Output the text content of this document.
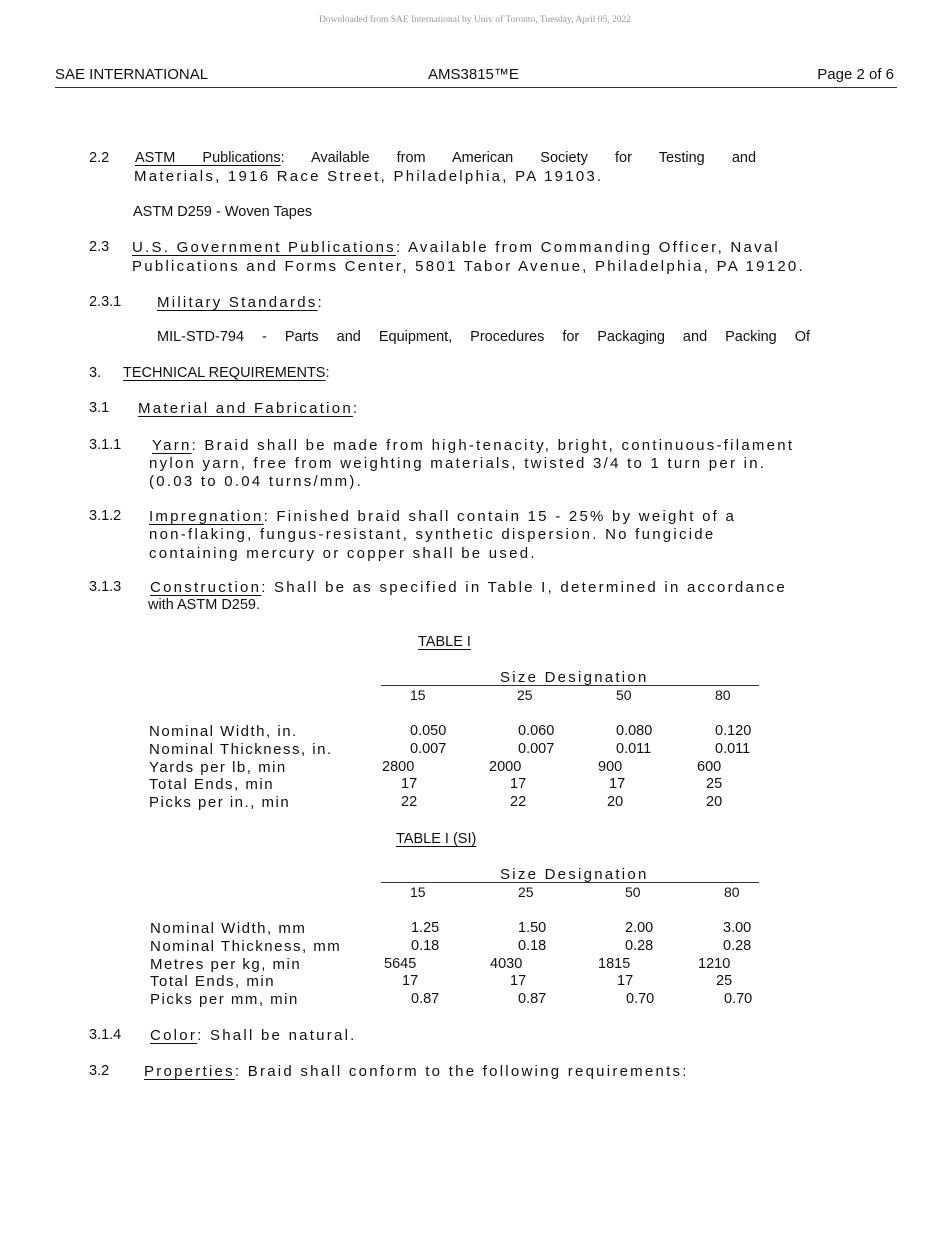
Downloaded from SAE International by Univ of Toronto, Tuesday, April 05, 2022
SAE INTERNATIONAL	AMS3815™E	Page 2 of 6
2.2 ASTM Publications: Available from American Society for Testing and
Materials, 1916 Race Street, Philadelphia, PA 19103.
ASTM D259 - Woven Tapes
2.3 U.S. Government Publications: Available from Commanding Officer, Naval
Publications and Forms Center, 5801 Tabor Avenue, Philadelphia, PA 19120.
2.3.1 Military Standards:
MIL-STD-794 - Parts and Equipment, Procedures for Packaging and Packing Of
3. TECHNICAL REQUIREMENTS:
3.1 Material and Fabrication:
3.1.1 Yarn: Braid shall be made from high-tenacity, bright, continuous-filament
nylon yarn, free from weighting materials, twisted 3/4 to 1 turn per in.
(0.03 to 0.04 turns/mm).
3.1.2 Impregnation: Finished braid shall contain 15 - 25% by weight of a
non-flaking, fungus-resistant, synthetic dispersion. No fungicide
containing mercury or copper shall be used.
3.1.3 Construction: Shall be as specified in Table I, determined in accordance
with ASTM D259.
TABLE I
Size Designation
15	25	50	80
Nominal Width, in.	0.050	0.060	0.080	0.120
Nominal Thickness, in.	0.007	0.007	0.011	0.011
Yards per lb, min	2800	2000	900	600
Total Ends, min	17	17	17	25
Picks per in., min	22	22	20	20
TABLE I (SI)
Size Designation
15	25	50	80
Nominal Width, mm	1.25	1.50	2.00	3.00
Nominal Thickness, mm	0.18	0.18	0.28	0.28
Metres per kg, min	5645	4030	1815	1210
Total Ends, min	17	17	17	25
Picks per mm, min	0.87	0.87	0.70	0.70
3.1.4 Color: Shall be natural.
3.2 Properties: Braid shall conform to the following requirements:
